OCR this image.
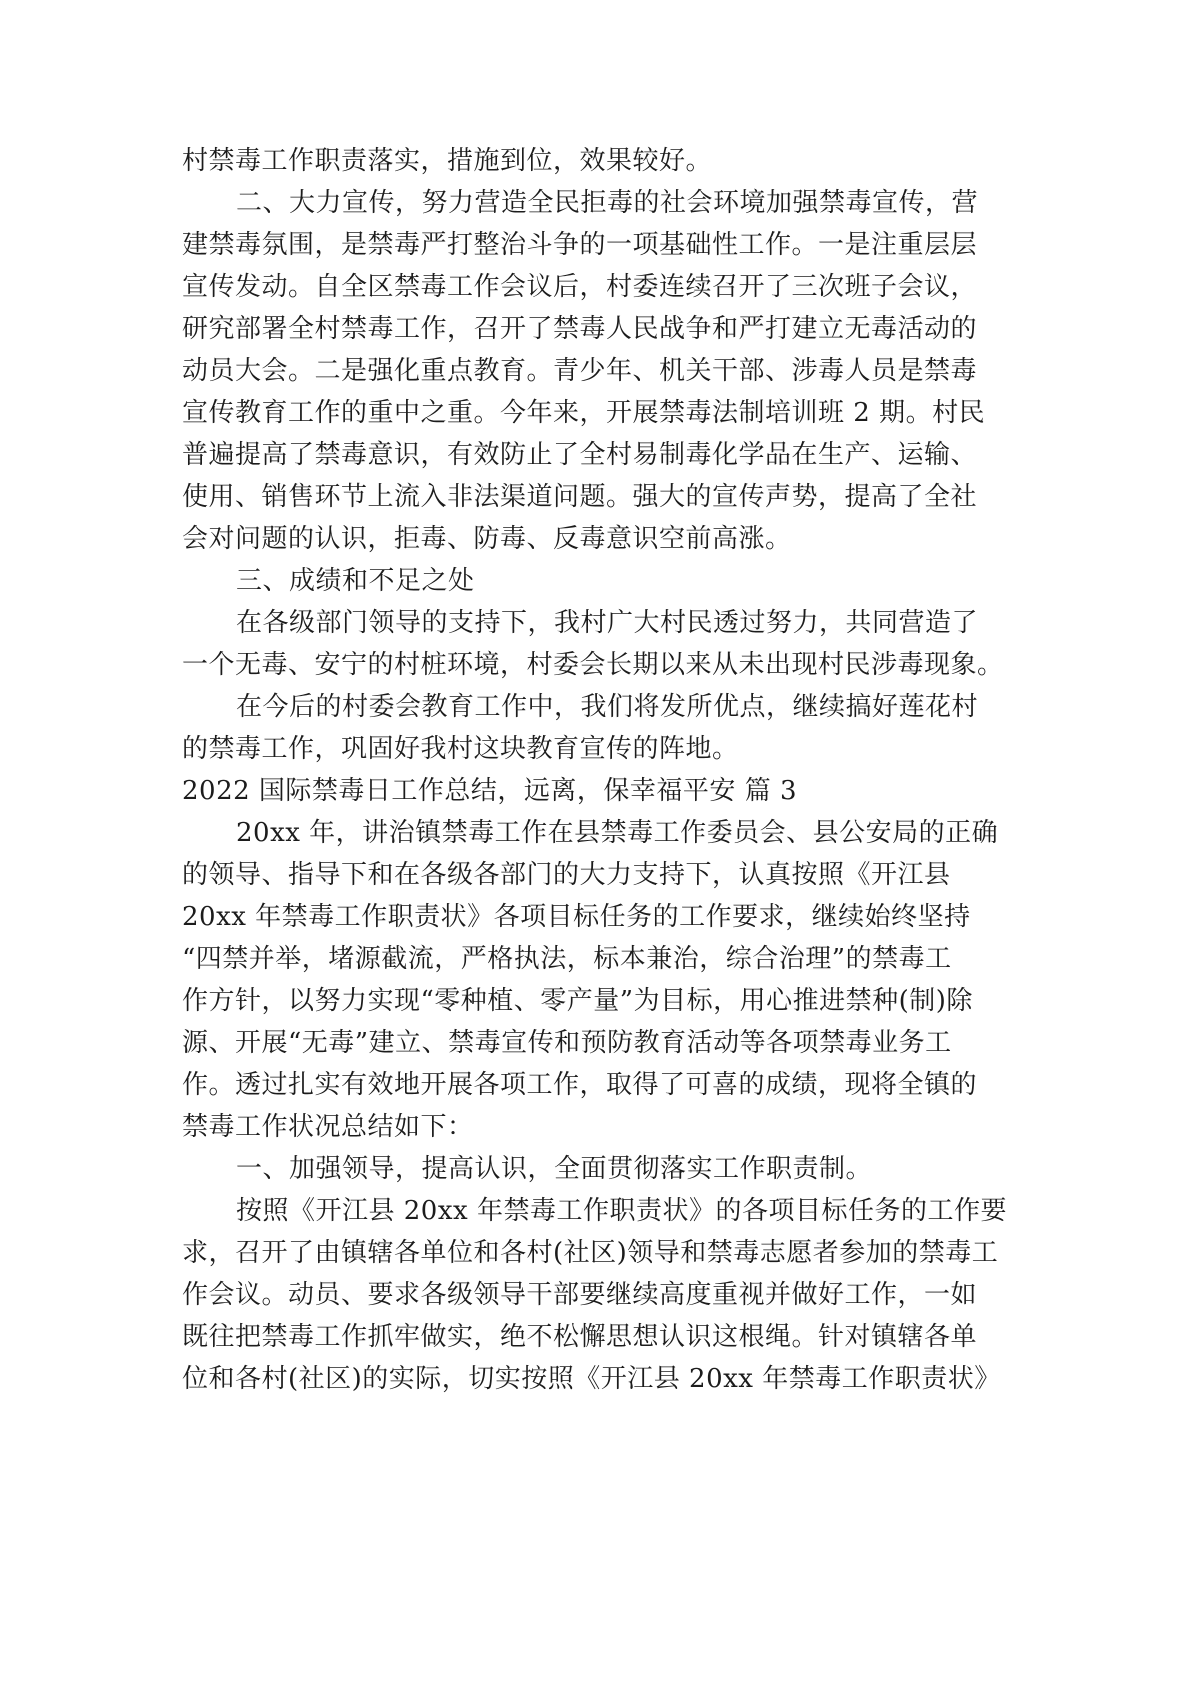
村禁毒工作职责落实，措施到位，效果较好。
二、大力宣传，努力营造全民拒毒的社会环境加强禁毒宣传，营
建禁毒氛围，是禁毒严打整治斗争的一项基础性工作。一是注重层层
宣传发动。自全区禁毒工作会议后，村委连续召开了三次班子会议，
研究部署全村禁毒工作，召开了禁毒人民战争和严打建立无毒活动的
动员大会。二是强化重点教育。青少年、机关干部、涉毒人员是禁毒
宣传教育工作的重中之重。今年来，开展禁毒法制培训班 2 期。村民
普遍提高了禁毒意识，有效防止了全村易制毒化学品在生产、运输、
使用、销售环节上流入非法渠道问题。强大的宣传声势，提高了全社
会对问题的认识，拒毒、防毒、反毒意识空前高涨。
三、成绩和不足之处
在各级部门领导的支持下，我村广大村民透过努力，共同营造了
一个无毒、安宁的村桩环境，村委会长期以来从未出现村民涉毒现象。
在今后的村委会教育工作中，我们将发所优点，继续搞好莲花村
的禁毒工作，巩固好我村这块教育宣传的阵地。
2022 国际禁毒日工作总结，远离，保幸福平安 篇 3
20xx 年，讲治镇禁毒工作在县禁毒工作委员会、县公安局的正确
的领导、指导下和在各级各部门的大力支持下，认真按照《开江县
20xx 年禁毒工作职责状》各项目标任务的工作要求，继续始终坚持
“四禁并举，堵源截流，严格执法，标本兼治，综合治理”的禁毒工
作方针，以努力实现“零种植、零产量”为目标，用心推进禁种(制)除
源、开展“无毒”建立、禁毒宣传和预防教育活动等各项禁毒业务工
作。透过扎实有效地开展各项工作，取得了可喜的成绩，现将全镇的
禁毒工作状况总结如下：
一、加强领导，提高认识，全面贯彻落实工作职责制。
按照《开江县 20xx 年禁毒工作职责状》的各项目标任务的工作要
求，召开了由镇辖各单位和各村(社区)领导和禁毒志愿者参加的禁毒工
作会议。动员、要求各级领导干部要继续高度重视并做好工作，一如
既往把禁毒工作抓牢做实，绝不松懈思想认识这根绳。针对镇辖各单
位和各村(社区)的实际，切实按照《开江县 20xx 年禁毒工作职责状》
